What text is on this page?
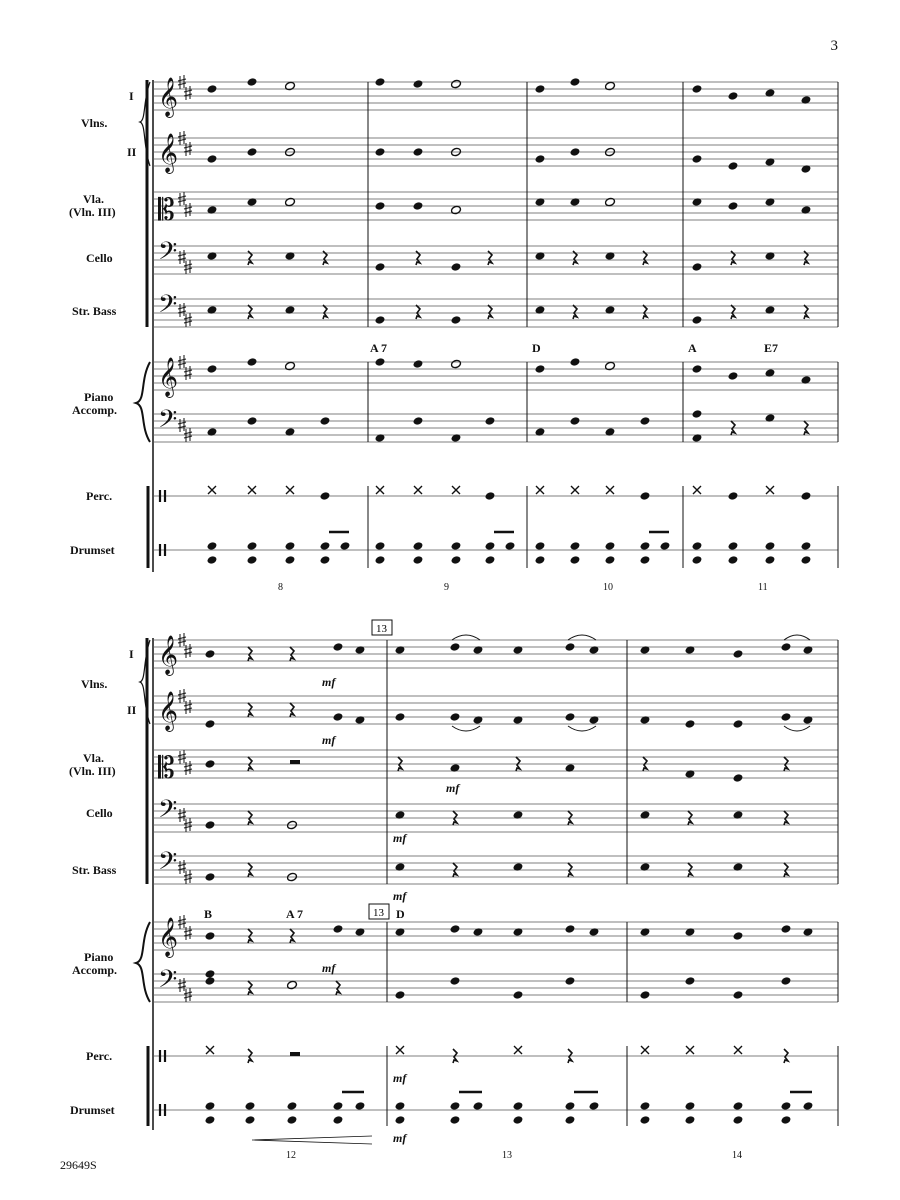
3
29649S
𝄞
𝄞
𝄡
𝄢
𝄢
𝄞
𝄢
𝄞
𝄞
𝄡
𝄢
𝄢
𝄞
𝄢
Vlns.
I
II
Vla.
(Vln. III)
Cello
Str. Bass
Piano
Accomp.
Perc.
Drumset
Vlns.
I
II
Vla.
(Vln. III)
Cello
Str. Bass
Piano
Accomp.
Perc.
Drumset
A 7	D	A	E7
8	9	10	11
B	A 7	D
13
13
12	13	14
mf
mf
mf
mf
mf
mf
mf
mf
